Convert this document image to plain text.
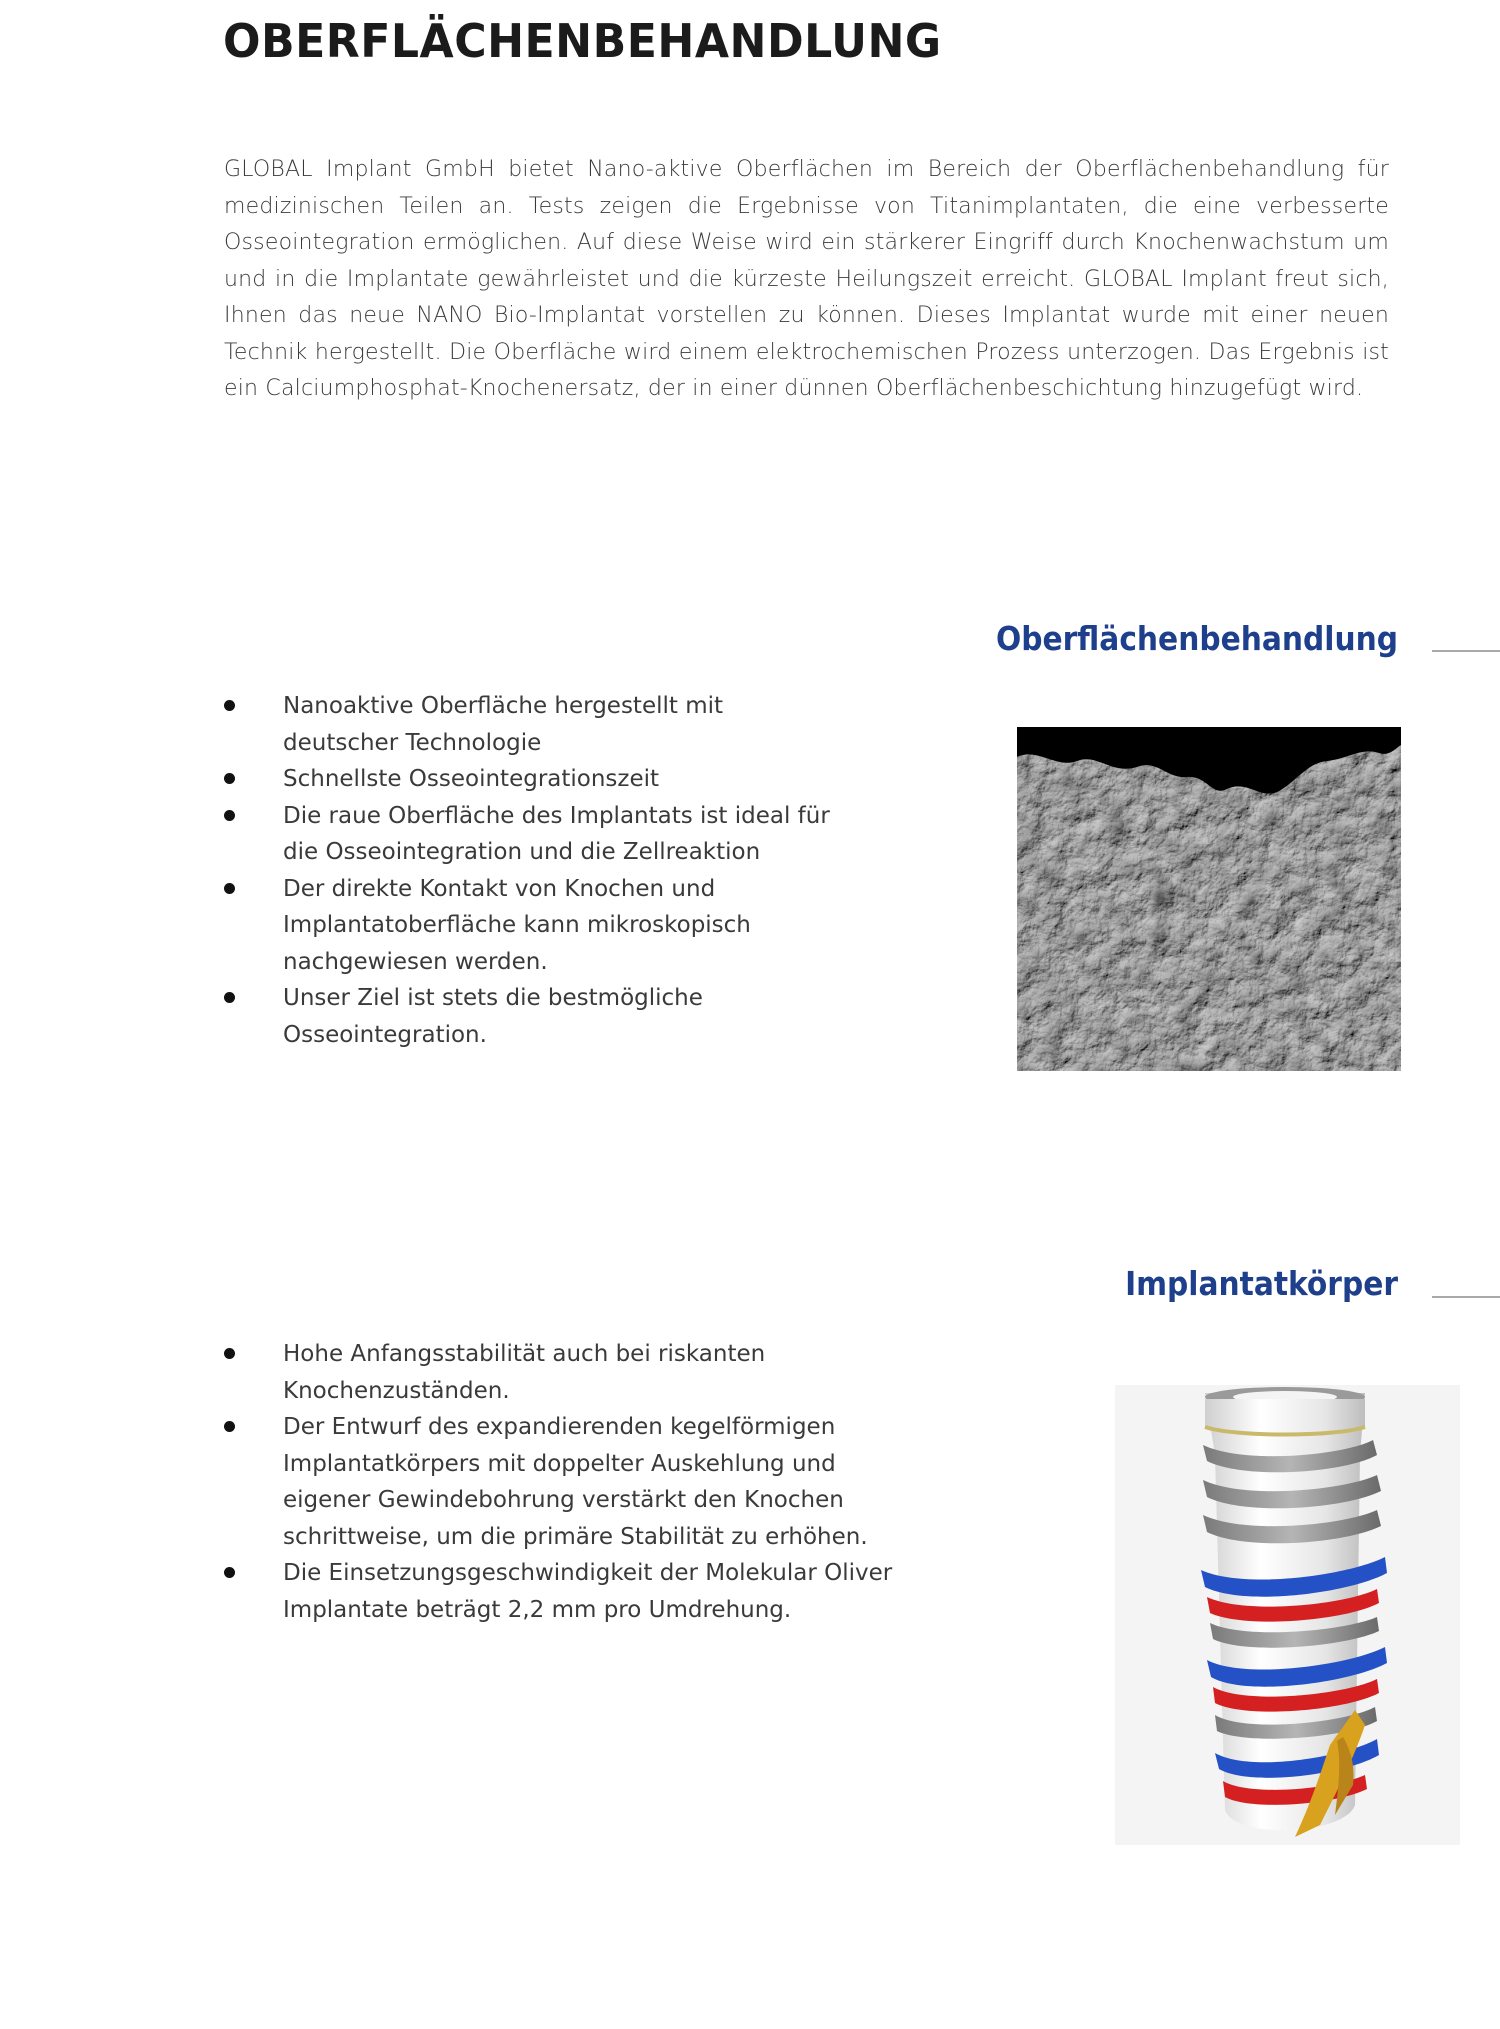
OBERFLÄCHENBEHANDLUNG

GLOBAL Implant GmbH bietet Nano-aktive Oberflächen im Bereich der Oberflächenbehandlung für medizinischen Teilen an. Tests zeigen die Ergebnisse von Titanimplantaten, die eine verbesserte Osseointegration ermöglichen. Auf diese Weise wird ein stärkerer Eingriff durch Knochenwachstum um und in die Implantate gewährleistet und die kürzeste Heilungszeit erreicht. GLOBAL Implant freut sich, Ihnen das neue NANO Bio-Implantat vorstellen zu können. Dieses Implantat wurde mit einer neuen Technik hergestellt. Die Oberfläche wird einem elektrochemischen Prozess unterzogen. Das Ergebnis ist ein Calciumphosphat-Knochenersatz, der in einer dünnen Oberflächenbeschichtung hinzugefügt wird.

Oberflächenbehandlung
Nanoaktive Oberfläche hergestellt mit deutscher Technologie
Schnellste Osseointegrationszeit
Die raue Oberfläche des Implantats ist ideal für die Osseointegration und die Zellreaktion
Der direkte Kontakt von Knochen und Implantatoberfläche kann mikroskopisch nachgewiesen werden.
Unser Ziel ist stets die bestmögliche Osseointegration.
Implantatkörper
Hohe Anfangsstabilität auch bei riskanten Knochenzuständen.
Der Entwurf des expandierenden kegelförmigen Implantatkörpers mit doppelter Auskehlung und eigener Gewindebohrung verstärkt den Knochen schrittweise, um die primäre Stabilität zu erhöhen.
Die Einsetzungsgeschwindigkeit der Molekular Oliver Implantate beträgt 2,2 mm pro Umdrehung.
